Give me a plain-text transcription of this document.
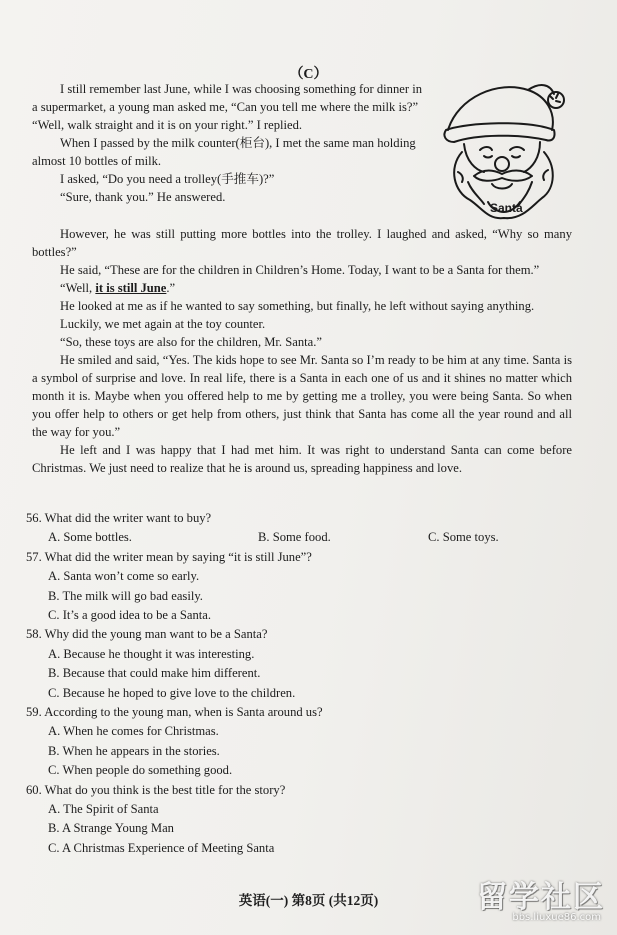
（C）

I still remember last June, while I was choosing something for dinner in a supermarket, a young man asked me, “Can you tell me where the milk is?” “Well, walk straight and it is on your right.” I replied.

When I passed by the milk counter(柜台), I met the same man holding almost 10 bottles of milk.

I asked, “Do you need a trolley(手推车)?”

“Sure, thank you.” He answered.

Santa

However, he was still putting more bottles into the trolley. I laughed and asked, “Why so many bottles?”

He said, “These are for the children in Children’s Home. Today, I want to be a Santa for them.”

“Well, it is still June.”

He looked at me as if he wanted to say something, but finally, he left without saying anything.

Luckily, we met again at the toy counter.

“So, these toys are also for the children, Mr. Santa.”

He smiled and said, “Yes. The kids hope to see Mr. Santa so I’m ready to be him at any time. Santa is a symbol of surprise and love. In real life, there is a Santa in each one of us and it shines no matter which month it is. Maybe when you offered help to me by getting me a trolley, you were being Santa. So when you offer help to others or get help from others, just think that Santa has come all the year round and all the way for you.”

He left and I was happy that I had met him. It was right to understand Santa can come before Christmas. We just need to realize that he is around us, spreading happiness and love.

56. What did the writer want to buy?

A. Some bottles.	B. Some food.	C. Some toys.

57. What did the writer mean by saying “it is still June”?

A. Santa won’t come so early.

B. The milk will go bad easily.

C. It’s a good idea to be a Santa.

58. Why did the young man want to be a Santa?

A. Because he thought it was interesting.

B. Because that could make him different.

C. Because he hoped to give love to the children.

59. According to the young man, when is Santa around us?

A. When he comes for Christmas.

B. When he appears in the stories.

C. When people do something good.

60. What do you think is the best title for the story?

A. The Spirit of Santa

B. A Strange Young Man

C. A Christmas Experience of Meeting Santa

英语(一) 第8页 (共12页)	留学社区
bbs.liuxue86.com
